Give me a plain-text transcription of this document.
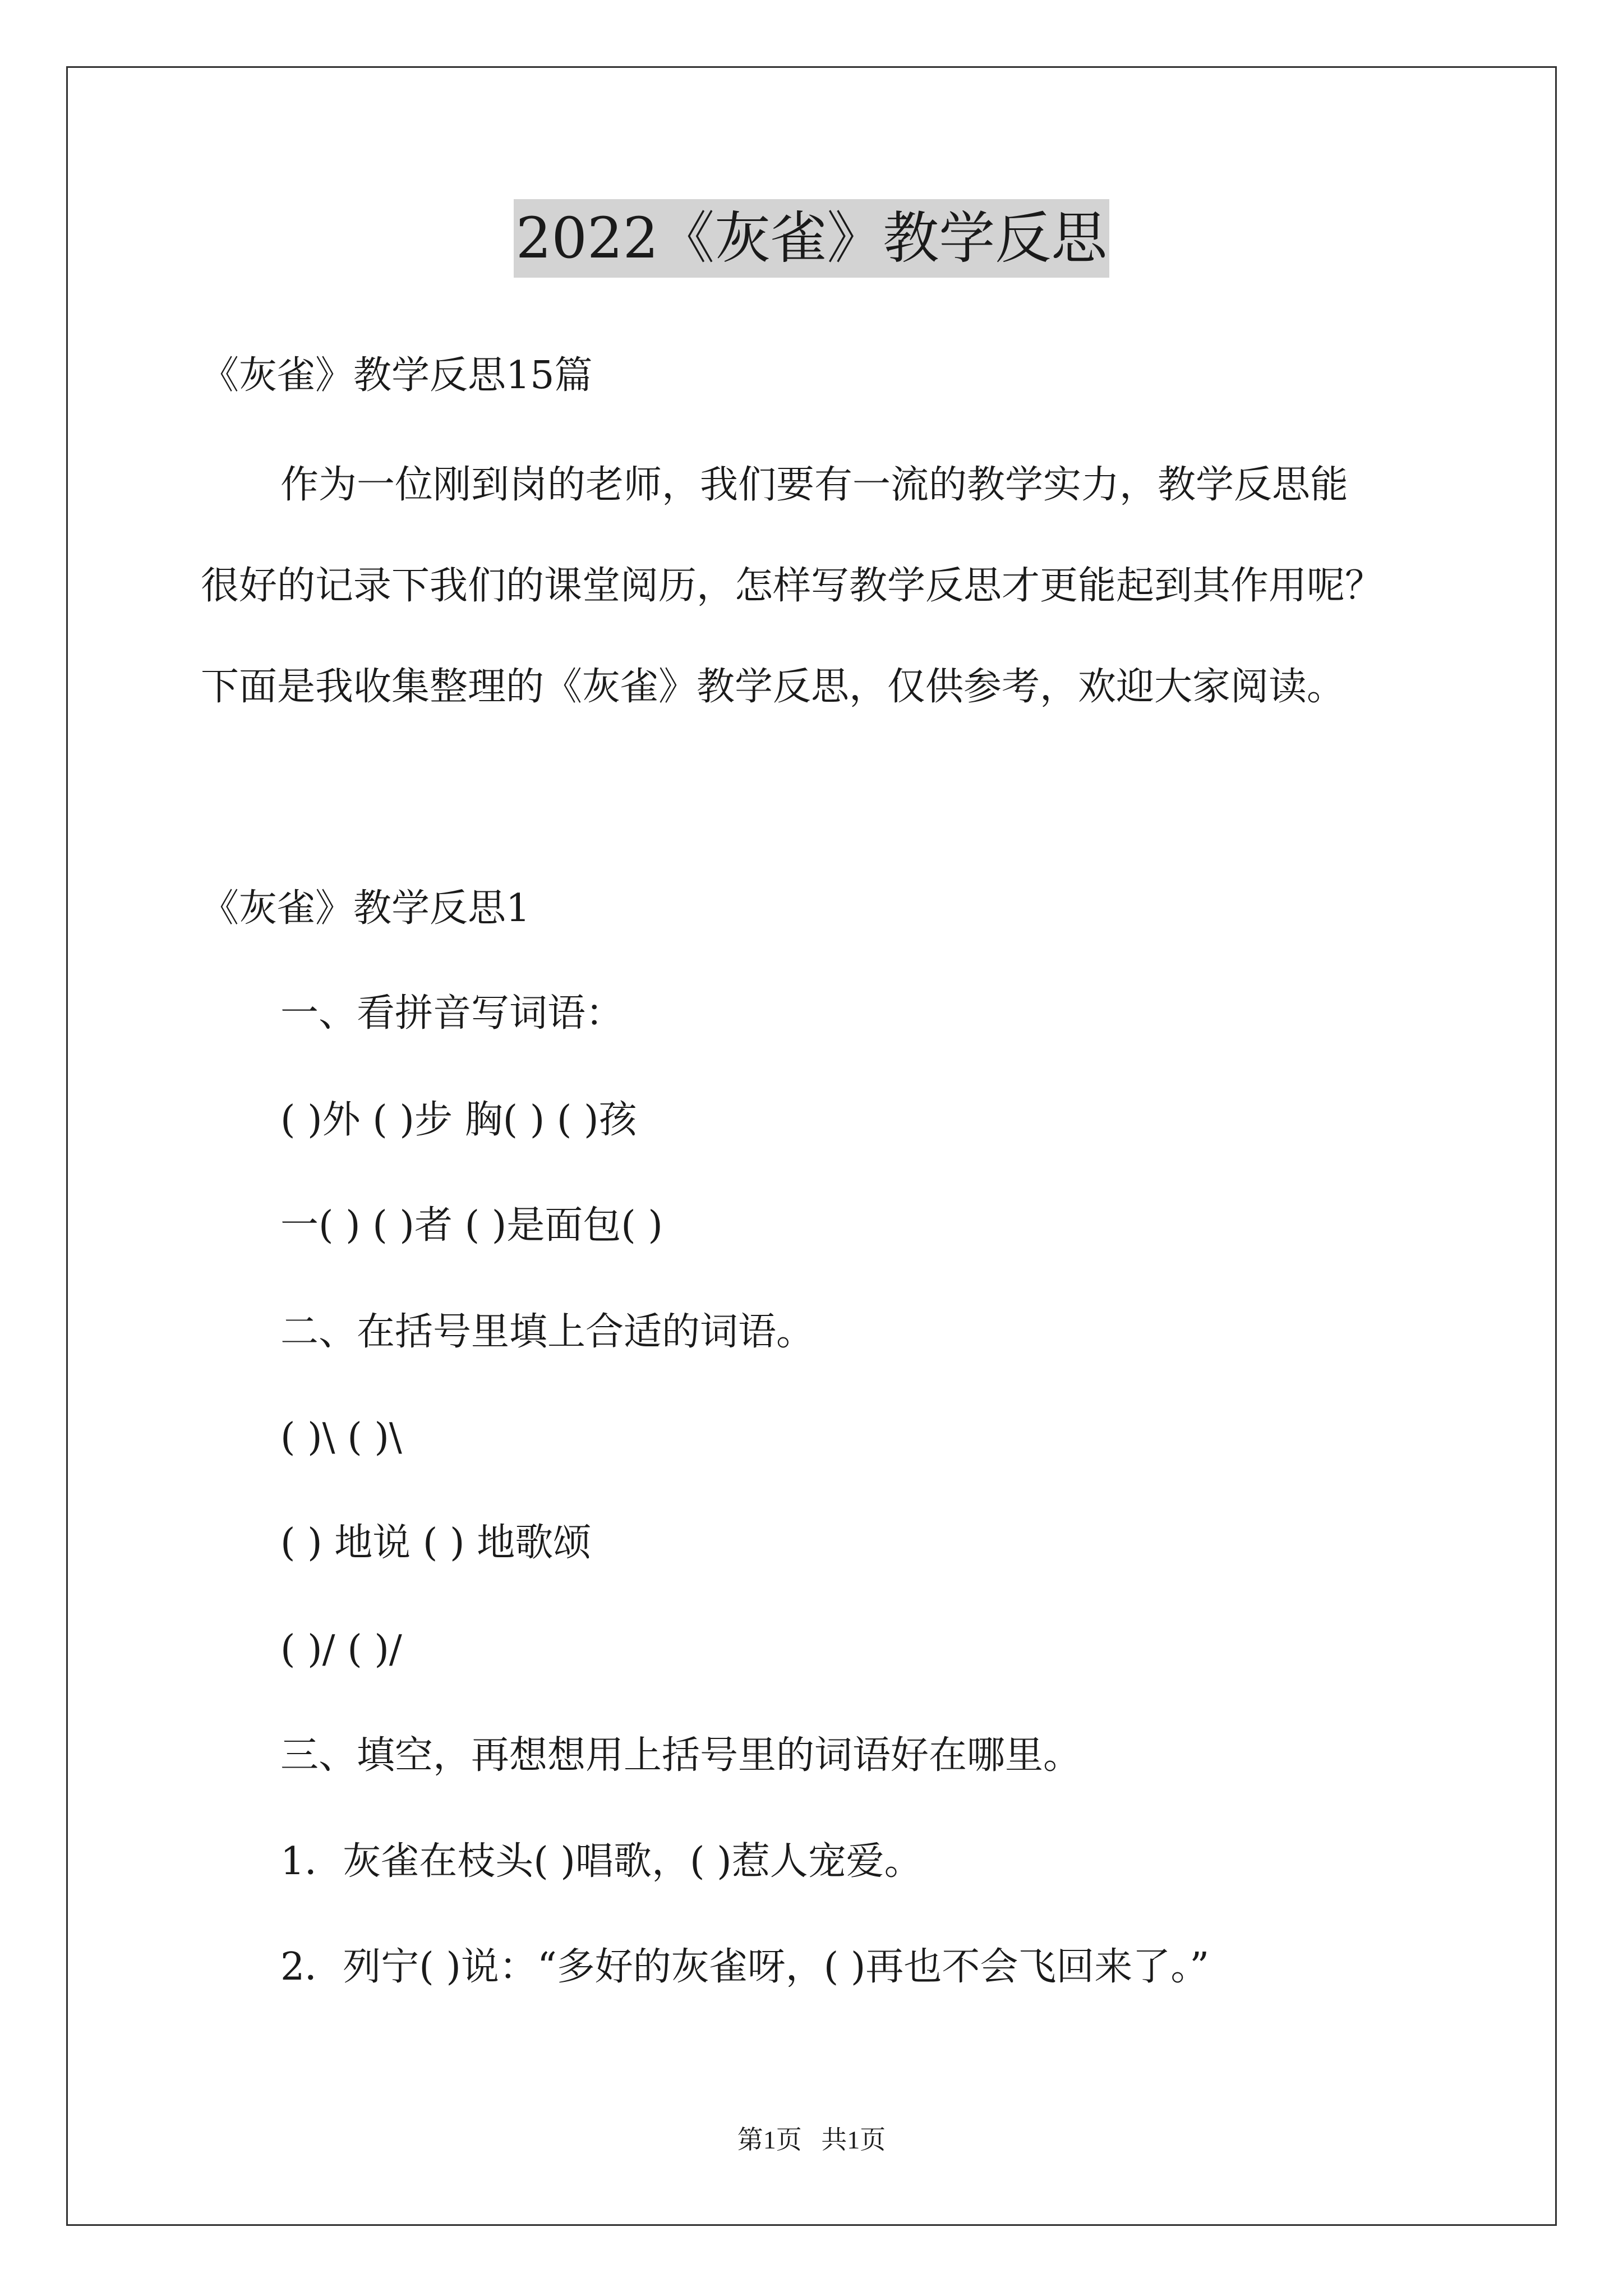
2022《灰雀》教学反思

《灰雀》教学反思15篇

作为一位刚到岗的老师，我们要有一流的教学实力，教学反思能

很好的记录下我们的课堂阅历，怎样写教学反思才更能起到其作用呢？

下面是我收集整理的《灰雀》教学反思，仅供参考，欢迎大家阅读。

《灰雀》教学反思1

一、看拼音写词语：

( )外 ( )步 胸( ) ( )孩

一( ) ( )者 ( )是面包( )

二、在括号里填上合适的词语。

( )\ ( )\

( ) 地说 ( ) 地歌颂

( )/ ( )/

三、填空，再想想用上括号里的词语好在哪里。

1．灰雀在枝头( )唱歌，( )惹人宠爱。

2．列宁( )说：“多好的灰雀呀，( )再也不会飞回来了。”

第1页   共1页
